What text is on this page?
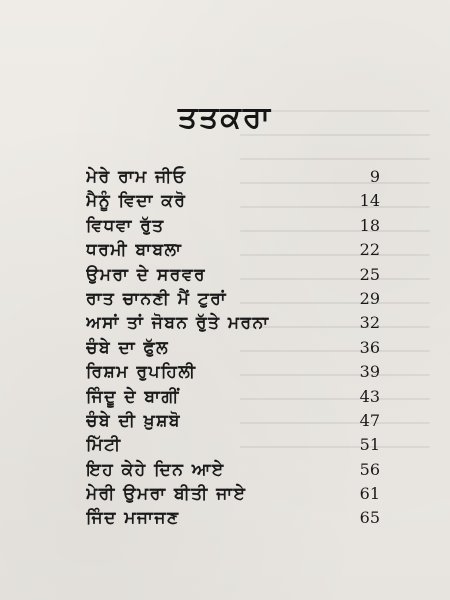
ਤਤਕਰਾ
ਮੇਰੇ ਰਾਮ ਜੀਓ	9
ਮੈਨੂੰ ਵਿਦਾ ਕਰੋ	14
ਵਿਧਵਾ ਰੁੱਤ	18
ਧਰਮੀ ਬਾਬਲਾ	22
ਉਮਰਾ ਦੇ ਸਰਵਰ	25
ਰਾਤ ਚਾਨਣੀ ਮੈਂ ਟੁਰਾਂ	29
ਅਸਾਂ ਤਾਂ ਜੋਬਨ ਰੁੱਤੇ ਮਰਨਾ	32
ਚੰਬੇ ਦਾ ਫੁੱਲ	36
ਰਿਸ਼ਮ ਰੁਪਹਿਲੀ	39
ਜਿੰਦੂ ਦੇ ਬਾਗੀਂ	43
ਚੰਬੇ ਦੀ ਖ਼ੁਸ਼ਬੋ	47
ਮਿੱਟੀ	51
ਇਹ ਕੇਹੇ ਦਿਨ ਆਏ	56
ਮੇਰੀ ਉਮਰਾ ਬੀਤੀ ਜਾਏ	61
ਜਿੰਦ ਮਜਾਜਣ	65
